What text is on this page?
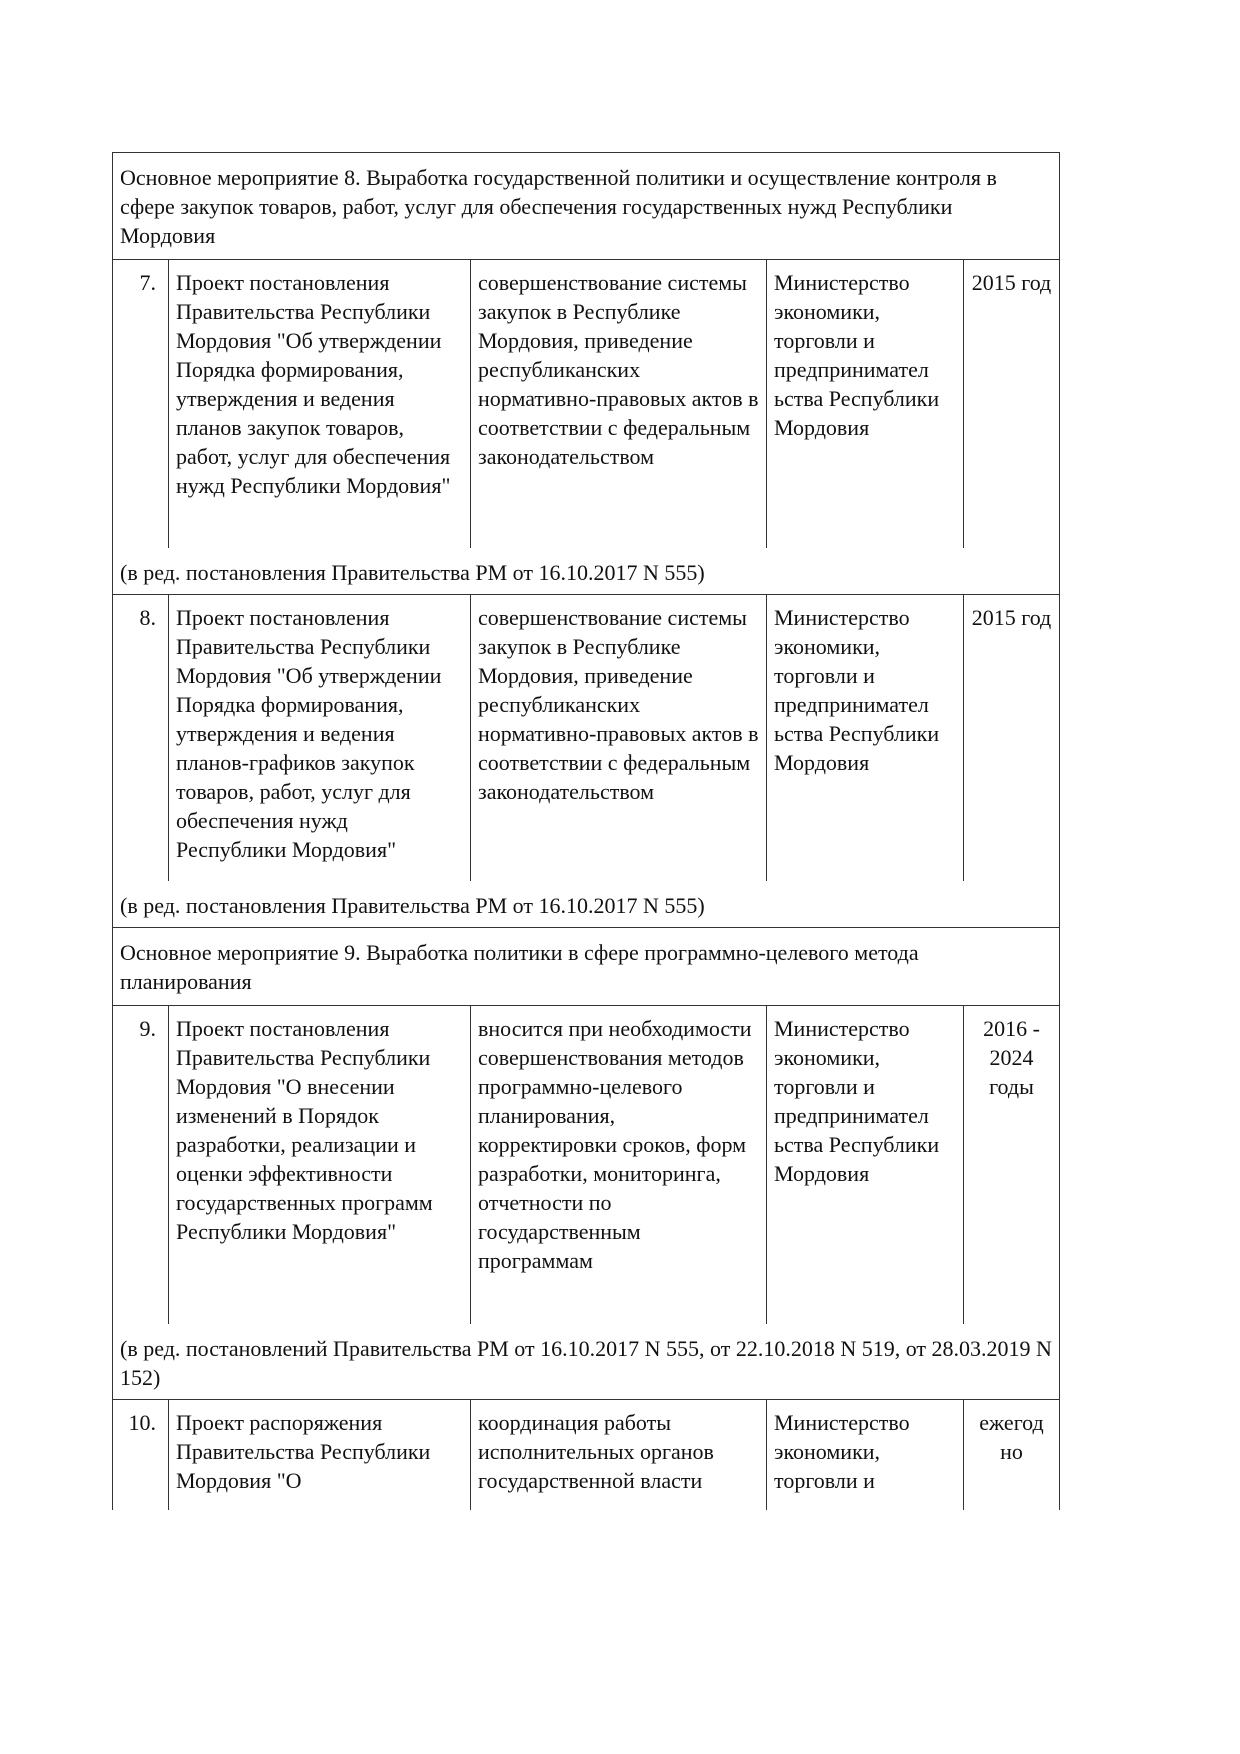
Основное мероприятие 8. Выработка государственной политики и осуществление контроля в сфере закупок товаров, работ, услуг для обеспечения государственных нужд Республики Мордовия
7. Проект постановления Правительства Республики Мордовия "Об утверждении Порядка формирования, утверждения и ведения планов закупок товаров, работ, услуг для обеспечения нужд Республики Мордовия"
совершенствование системы закупок в Республике Мордовия, приведение республиканских нормативно-правовых актов в соответствии с федеральным законодательством
Министерство экономики, торговли и предпринимател ьства Республики Мордовия
2015 год
(в ред. постановления Правительства РМ от 16.10.2017 N 555)
8. Проект постановления Правительства Республики Мордовия "Об утверждении Порядка формирования, утверждения и ведения планов-графиков закупок товаров, работ, услуг для обеспечения нужд Республики Мордовия"
совершенствование системы закупок в Республике Мордовия, приведение республиканских нормативно-правовых актов в соответствии с федеральным законодательством
Министерство экономики, торговли и предпринимател ьства Республики Мордовия
2015 год
(в ред. постановления Правительства РМ от 16.10.2017 N 555)
Основное мероприятие 9. Выработка политики в сфере программно-целевого метода планирования
9. Проект постановления Правительства Республики Мордовия "О внесении изменений в Порядок разработки, реализации и оценки эффективности государственных программ Республики Мордовия"
вносится при необходимости совершенствования методов программно-целевого планирования, корректировки сроков, форм разработки, мониторинга, отчетности по государственным программам
Министерство экономики, торговли и предпринимател ьства Республики Мордовия
2016 - 2024 годы
(в ред. постановлений Правительства РМ от 16.10.2017 N 555, от 22.10.2018 N 519, от 28.03.2019 N 152)
10. Проект распоряжения Правительства Республики Мордовия "О
координация работы исполнительных органов государственной власти
Министерство экономики, торговли и
ежегод но
